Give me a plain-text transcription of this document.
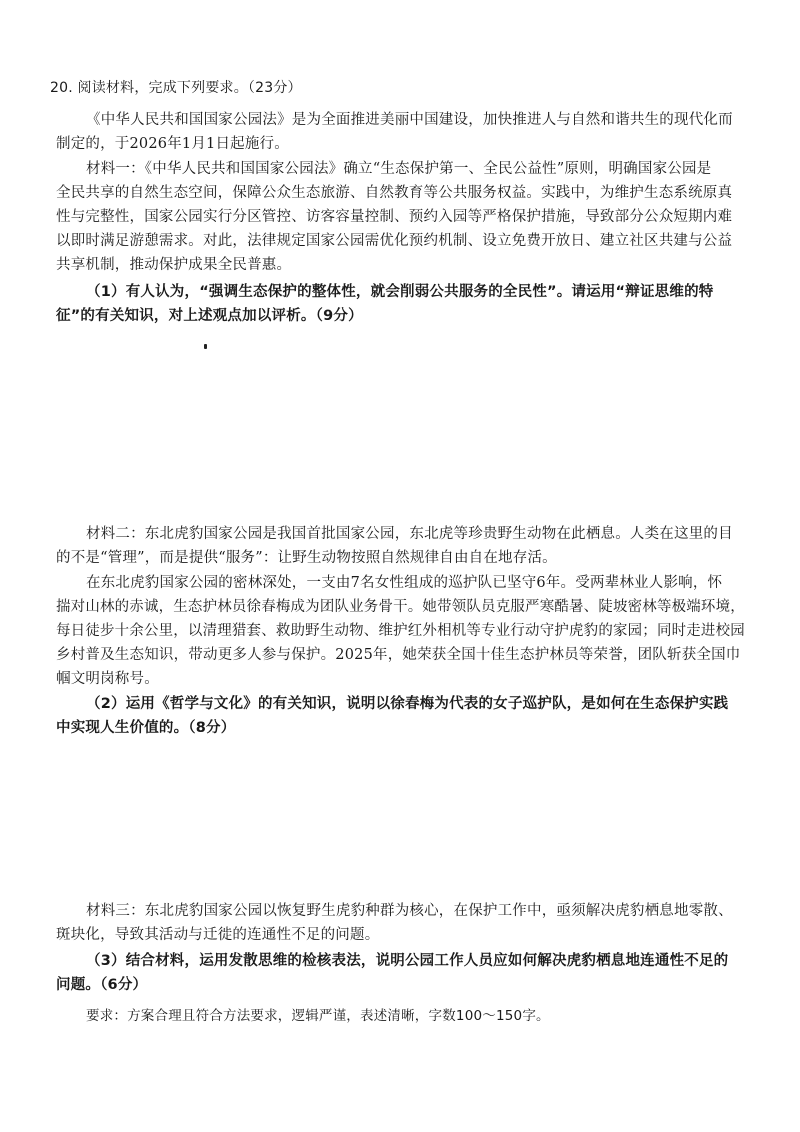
20. 阅读材料，完成下列要求。（23分）
《中华人民共和国国家公园法》是为全面推进美丽中国建设，加快推进人与自然和谐共生的现代化而
制定的，于2026年1月1日起施行。
材料一：《中华人民共和国国家公园法》确立“生态保护第一、全民公益性”原则，明确国家公园是
全民共享的自然生态空间，保障公众生态旅游、自然教育等公共服务权益。实践中，为维护生态系统原真
性与完整性，国家公园实行分区管控、访客容量控制、预约入园等严格保护措施，导致部分公众短期内难
以即时满足游憩需求。对此，法律规定国家公园需优化预约机制、设立免费开放日、建立社区共建与公益
共享机制，推动保护成果全民普惠。
（1）有人认为，“强调生态保护的整体性，就会削弱公共服务的全民性”。请运用“辩证思维的特
征”的有关知识，对上述观点加以评析。（9分）
材料二：东北虎豹国家公园是我国首批国家公园，东北虎等珍贵野生动物在此栖息。人类在这里的目
的不是“管理”，而是提供“服务”：让野生动物按照自然规律自由自在地存活。
在东北虎豹国家公园的密林深处，一支由7名女性组成的巡护队已坚守6年。受两辈林业人影响，怀
揣对山林的赤诚，生态护林员徐春梅成为团队业务骨干。她带领队员克服严寒酷暑、陡坡密林等极端环境，
每日徒步十余公里，以清理猎套、救助野生动物、维护红外相机等专业行动守护虎豹的家园；同时走进校园
乡村普及生态知识，带动更多人参与保护。2025年，她荣获全国十佳生态护林员等荣誉，团队斩获全国巾
帼文明岗称号。
（2）运用《哲学与文化》的有关知识，说明以徐春梅为代表的女子巡护队，是如何在生态保护实践
中实现人生价值的。（8分）
材料三：东北虎豹国家公园以恢复野生虎豹种群为核心，在保护工作中，亟须解决虎豹栖息地零散、
斑块化，导致其活动与迁徙的连通性不足的问题。
（3）结合材料，运用发散思维的检核表法，说明公园工作人员应如何解决虎豹栖息地连通性不足的
问题。（6分）
要求：方案合理且符合方法要求，逻辑严谨，表述清晰，字数100～150字。
